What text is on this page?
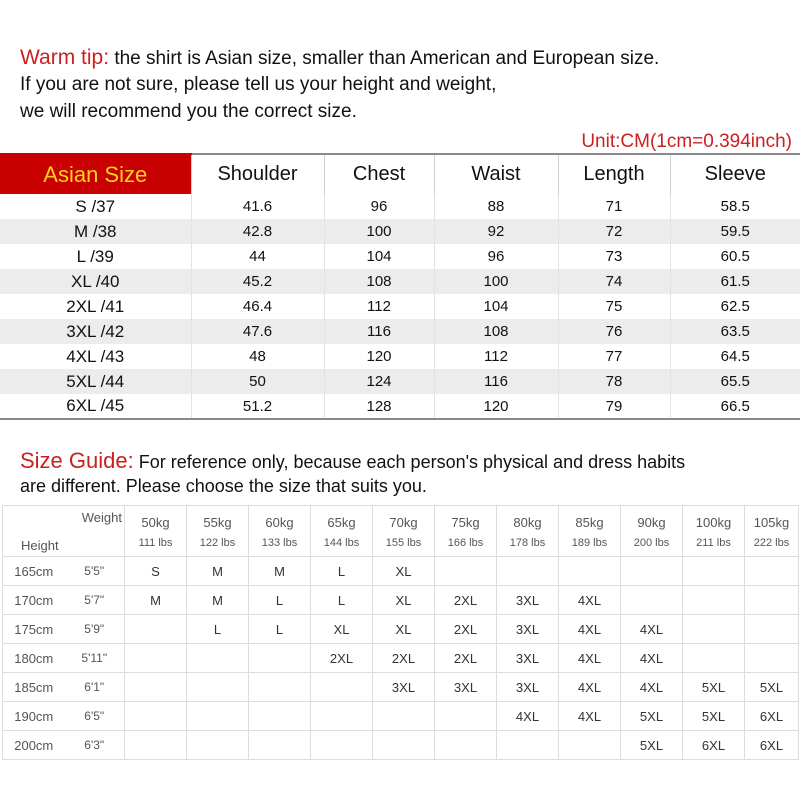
Warm tip: the shirt is Asian size, smaller than American and European size.
If you are not sure, please tell us your height and weight,
we will recommend you the correct size.
Unit:CM(1cm=0.394inch)
Asian Size	Shoulder	Chest	Waist	Length	Sleeve
S /37	41.6	96	88	71	58.5
M /38	42.8	100	92	72	59.5
L /39	44	104	96	73	60.5
XL /40	45.2	108	100	74	61.5
2XL /41	46.4	112	104	75	62.5
3XL /42	47.6	116	108	76	63.5
4XL /43	48	120	112	77	64.5
5XL /44	50	124	116	78	65.5
6XL /45	51.2	128	120	79	66.5
Size Guide: For reference only, because each person's physical and dress habits
are different. Please choose the size that suits you.
Weight
Height		50kg	55kg	60kg	65kg	70kg	75kg	80kg	85kg	90kg	100kg	105kg
		111 lbs	122 lbs	133 lbs	144 lbs	155 lbs	166 lbs	178 lbs	189 lbs	200 lbs	211 lbs	222 lbs
165cm	5'5"	S	M	M	L	XL						
170cm	5'7"	M	M	L	L	XL	2XL	3XL	4XL			
175cm	5'9"		L	L	XL	XL	2XL	3XL	4XL	4XL		
180cm	5'11"				2XL	2XL	2XL	3XL	4XL	4XL		
185cm	6'1"					3XL	3XL	3XL	4XL	4XL	5XL	5XL
190cm	6'5"							4XL	4XL	5XL	5XL	6XL
200cm	6'3"									5XL	6XL	6XL
